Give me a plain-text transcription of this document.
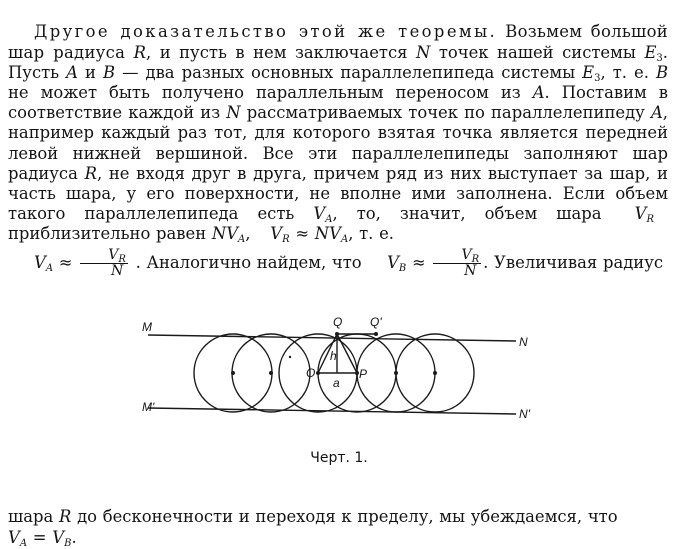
Другое доказательство этой же теоремы. Возьмем большой шар радиуса R, и пусть в нем заключается N точек нашей системы $E_3$. Пусть A и B — два разных основных параллелепипеда системы $E_3$, т. е. B не может быть получено параллельным переносом из A. Поставим в соответствие каждой из N рассматриваемых точек по параллелепипеду A, например каждый раз тот, для которого взятая точка является передней левой нижней вершиной. Все эти параллелепипеды заполняют шар радиуса R, не входя друг в друга, причем ряд из них выступает за шар, и часть шара, у его поверхности, не вполне ими заполнена. Если объем такого параллелепипеда есть $V_A$, то, значит, объем шара $V_R$ приблизительно равен $NV_A$, $V_R \approx NV_A$, т. е.
$V_A \approx \frac{V_R}{N}$ . Аналогично найдем, что $V_B \approx \frac{V_R}{N}$ . Увеличивая радиус

M
N
M'	N'
Q Q'
O	P
h
a
Черт. 1.

шара R до бесконечности и переходя к пределу, мы убеждаемся, что
$V_A = V_B$.
